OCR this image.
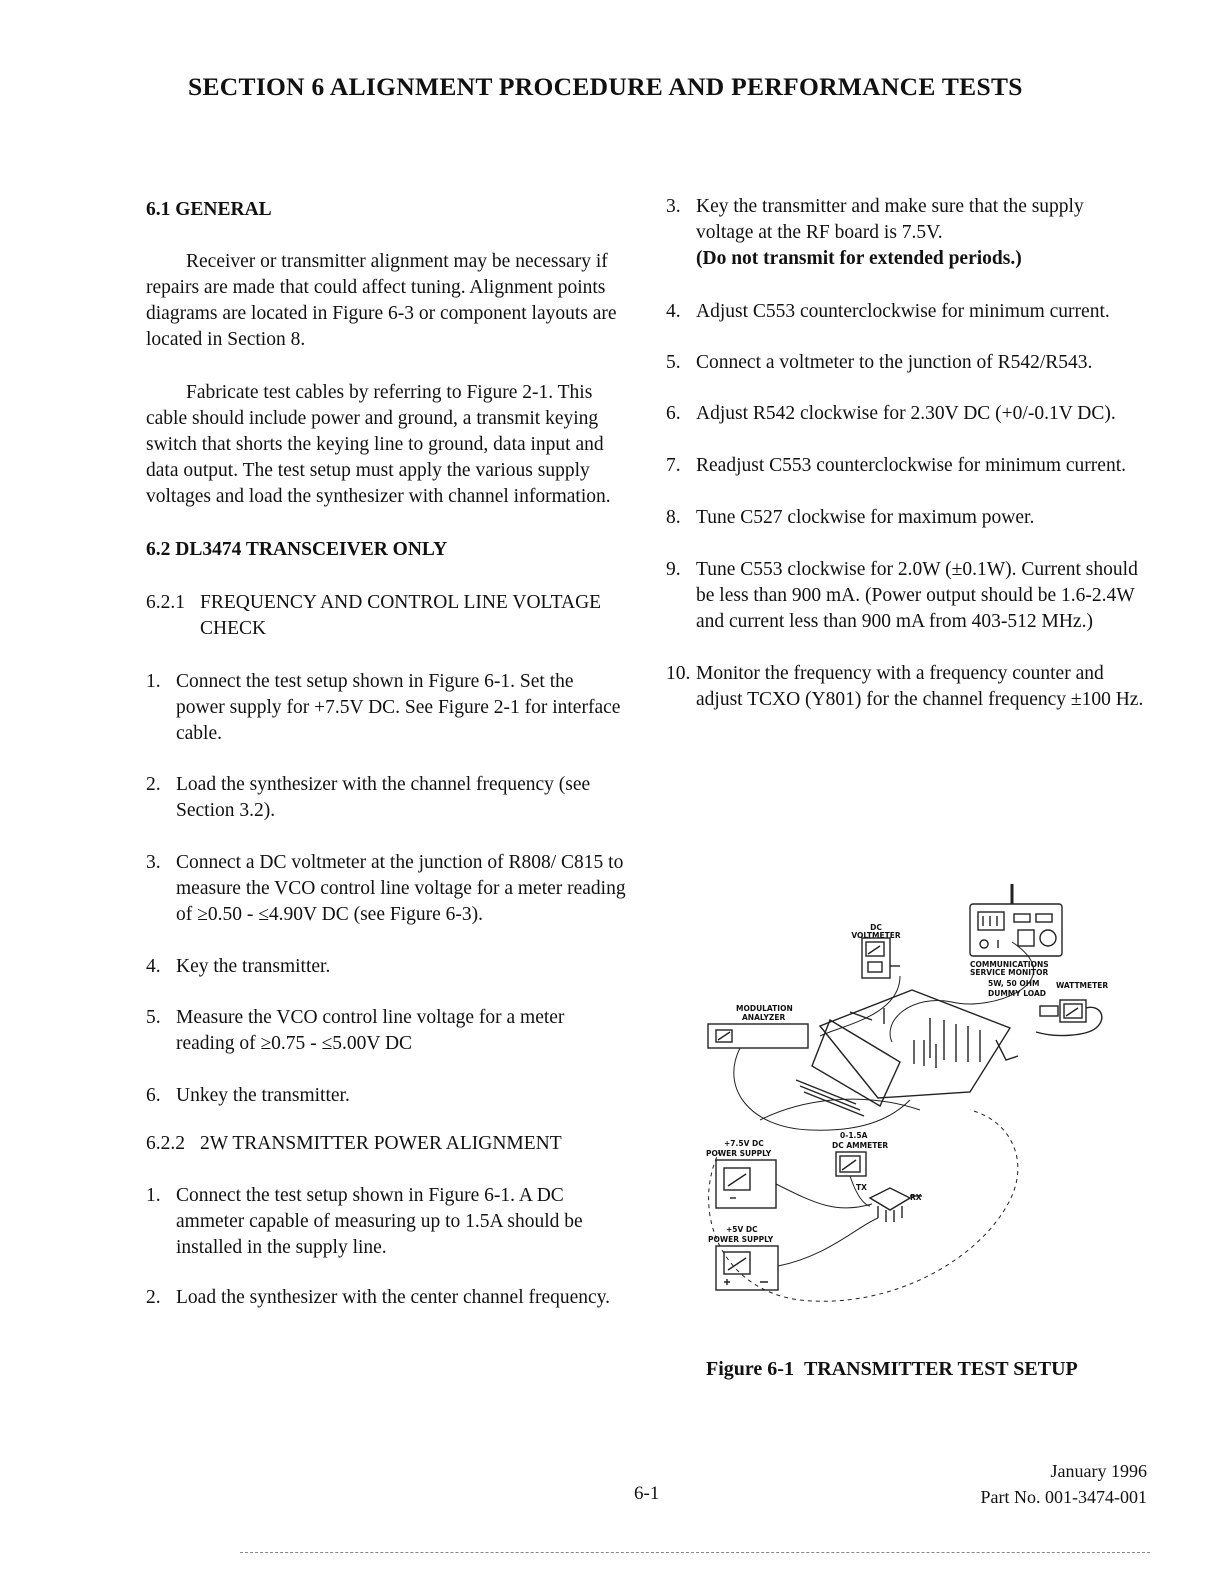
SECTION 6 ALIGNMENT PROCEDURE AND PERFORMANCE TESTS

6.1 GENERAL

Receiver or transmitter alignment may be necessary if repairs are made that could affect tuning. Alignment points diagrams are located in Figure 6-3 or component layouts are located in Section 8.

Fabricate test cables by referring to Figure 2-1. This cable should include power and ground, a transmit keying switch that shorts the keying line to ground, data input and data output. The test setup must apply the various supply voltages and load the synthesizer with channel information.

6.2 DL3474 TRANSCEIVER ONLY

6.2.1 FREQUENCY AND CONTROL LINE VOLTAGE CHECK

1. Connect the test setup shown in Figure 6-1. Set the power supply for +7.5V DC. See Figure 2-1 for interface cable.

2. Load the synthesizer with the channel frequency (see Section 3.2).

3. Connect a DC voltmeter at the junction of R808/ C815 to measure the VCO control line voltage for a meter reading of ≥0.50 - ≤4.90V DC (see Figure 6-3).

4. Key the transmitter.

5. Measure the VCO control line voltage for a meter reading of ≥0.75 - ≤5.00V DC

6. Unkey the transmitter.

6.2.2 2W TRANSMITTER POWER ALIGNMENT

1. Connect the test setup shown in Figure 6-1. A DC ammeter capable of measuring up to 1.5A should be installed in the supply line.

2. Load the synthesizer with the center channel frequency.

3. Key the transmitter and make sure that the supply voltage at the RF board is 7.5V.
(Do not transmit for extended periods.)

4. Adjust C553 counterclockwise for minimum current.

5. Connect a voltmeter to the junction of R542/R543.

6. Adjust R542 clockwise for 2.30V DC (+0/-0.1V DC).

7. Readjust C553 counterclockwise for minimum current.

8. Tune C527 clockwise for maximum power.

9. Tune C553 clockwise for 2.0W (±0.1W). Current should be less than 900 mA. (Power output should be 1.6-2.4W and current less than 900 mA from 403-512 MHz.)

10. Monitor the frequency with a frequency counter and adjust TCXO (Y801) for the channel frequency ±100 Hz.

DC
VOLTMETER
COMMUNICATIONS
SERVICE MONITOR
5W, 50 OHM
DUMMY LOAD
WATTMETER
MODULATION
ANALYZER
+7.5V DC
POWER SUPPLY
0-1.5A
DC AMMETER
TX
RX
+5V DC
POWER SUPPLY
Figure 6-1 TRANSMITTER TEST SETUP
6-1
January 1996
Part No. 001-3474-001
